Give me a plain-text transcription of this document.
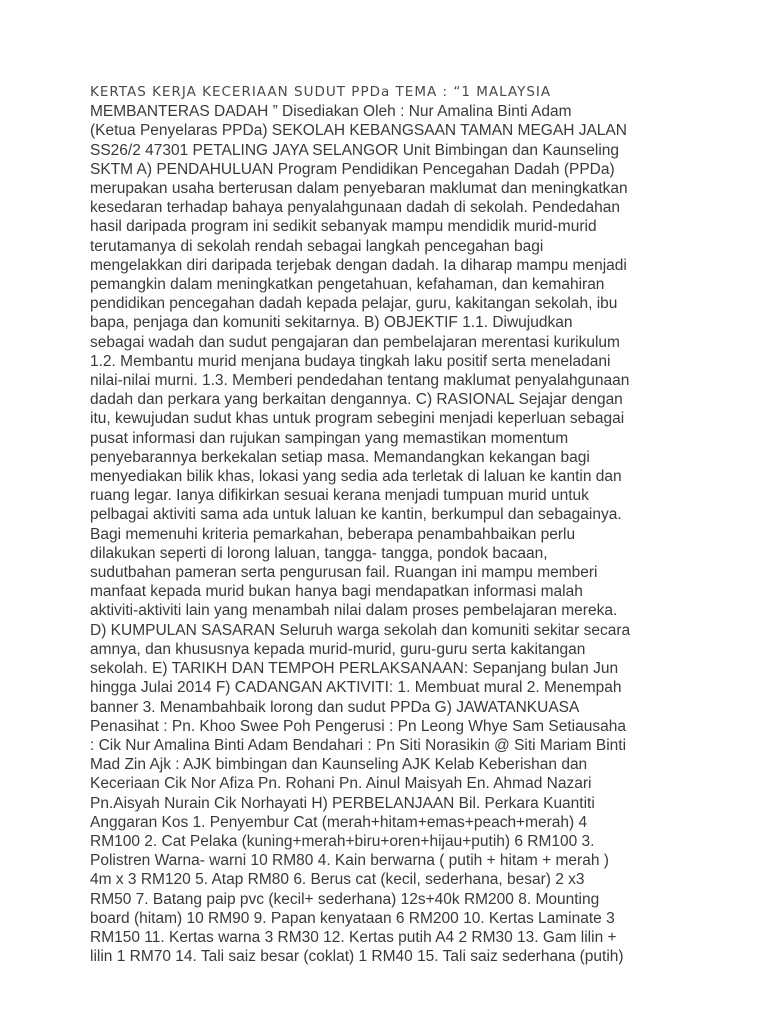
KERTAS KERJA KECERIAAN SUDUT PPDa TEMA : “1 MALAYSIA
MEMBANTERAS DADAH ” Disediakan Oleh : Nur Amalina Binti Adam
(Ketua Penyelaras PPDa) SEKOLAH KEBANGSAAN TAMAN MEGAH JALAN
SS26/2 47301 PETALING JAYA SELANGOR Unit Bimbingan dan Kaunseling
SKTM A) PENDAHULUAN Program Pendidikan Pencegahan Dadah (PPDa)
merupakan usaha berterusan dalam penyebaran maklumat dan meningkatkan
kesedaran terhadap bahaya penyalahgunaan dadah di sekolah. Pendedahan
hasil daripada program ini sedikit sebanyak mampu mendidik murid-murid
terutamanya di sekolah rendah sebagai langkah pencegahan bagi
mengelakkan diri daripada terjebak dengan dadah. Ia diharap mampu menjadi
pemangkin dalam meningkatkan pengetahuan, kefahaman, dan kemahiran
pendidikan pencegahan dadah kepada pelajar, guru, kakitangan sekolah, ibu
bapa, penjaga dan komuniti sekitarnya. B) OBJEKTIF 1.1. Diwujudkan
sebagai wadah dan sudut pengajaran dan pembelajaran merentasi kurikulum
1.2. Membantu murid menjana budaya tingkah laku positif serta meneladani
nilai-nilai murni. 1.3. Memberi pendedahan tentang maklumat penyalahgunaan
dadah dan perkara yang berkaitan dengannya. C) RASIONAL Sejajar dengan
itu, kewujudan sudut khas untuk program sebegini menjadi keperluan sebagai
pusat informasi dan rujukan sampingan yang memastikan momentum
penyebarannya berkekalan setiap masa. Memandangkan kekangan bagi
menyediakan bilik khas, lokasi yang sedia ada terletak di laluan ke kantin dan
ruang legar. Ianya difikirkan sesuai kerana menjadi tumpuan murid untuk
pelbagai aktiviti sama ada untuk laluan ke kantin, berkumpul dan sebagainya.
Bagi memenuhi kriteria pemarkahan, beberapa penambahbaikan perlu
dilakukan seperti di lorong laluan, tangga- tangga, pondok bacaan,
sudutbahan pameran serta pengurusan fail. Ruangan ini mampu memberi
manfaat kepada murid bukan hanya bagi mendapatkan informasi malah
aktiviti-aktiviti lain yang menambah nilai dalam proses pembelajaran mereka.
D) KUMPULAN SASARAN Seluruh warga sekolah dan komuniti sekitar secara
amnya, dan khususnya kepada murid-murid, guru-guru serta kakitangan
sekolah. E) TARIKH DAN TEMPOH PERLAKSANAAN: Sepanjang bulan Jun
hingga Julai 2014 F) CADANGAN AKTIVITI: 1. Membuat mural 2. Menempah
banner 3. Menambahbaik lorong dan sudut PPDa G) JAWATANKUASA
Penasihat : Pn. Khoo Swee Poh Pengerusi : Pn Leong Whye Sam Setiausaha
: Cik Nur Amalina Binti Adam Bendahari : Pn Siti Norasikin @ Siti Mariam Binti
Mad Zin Ajk : AJK bimbingan dan Kaunseling AJK Kelab Keberishan dan
Keceriaan Cik Nor Afiza Pn. Rohani Pn. Ainul Maisyah En. Ahmad Nazari
Pn.Aisyah Nurain Cik Norhayati H) PERBELANJAAN Bil. Perkara Kuantiti
Anggaran Kos 1. Penyembur Cat (merah+hitam+emas+peach+merah) 4
RM100 2. Cat Pelaka (kuning+merah+biru+oren+hijau+putih) 6 RM100 3.
Polistren Warna- warni 10 RM80 4. Kain berwarna ( putih + hitam + merah )
4m x 3 RM120 5. Atap RM80 6. Berus cat (kecil, sederhana, besar) 2 x3
RM50 7. Batang paip pvc (kecil+ sederhana) 12s+40k RM200 8. Mounting
board (hitam) 10 RM90 9. Papan kenyataan 6 RM200 10. Kertas Laminate 3
RM150 11. Kertas warna 3 RM30 12. Kertas putih A4 2 RM30 13. Gam lilin +
lilin 1 RM70 14. Tali saiz besar (coklat) 1 RM40 15. Tali saiz sederhana (putih)
